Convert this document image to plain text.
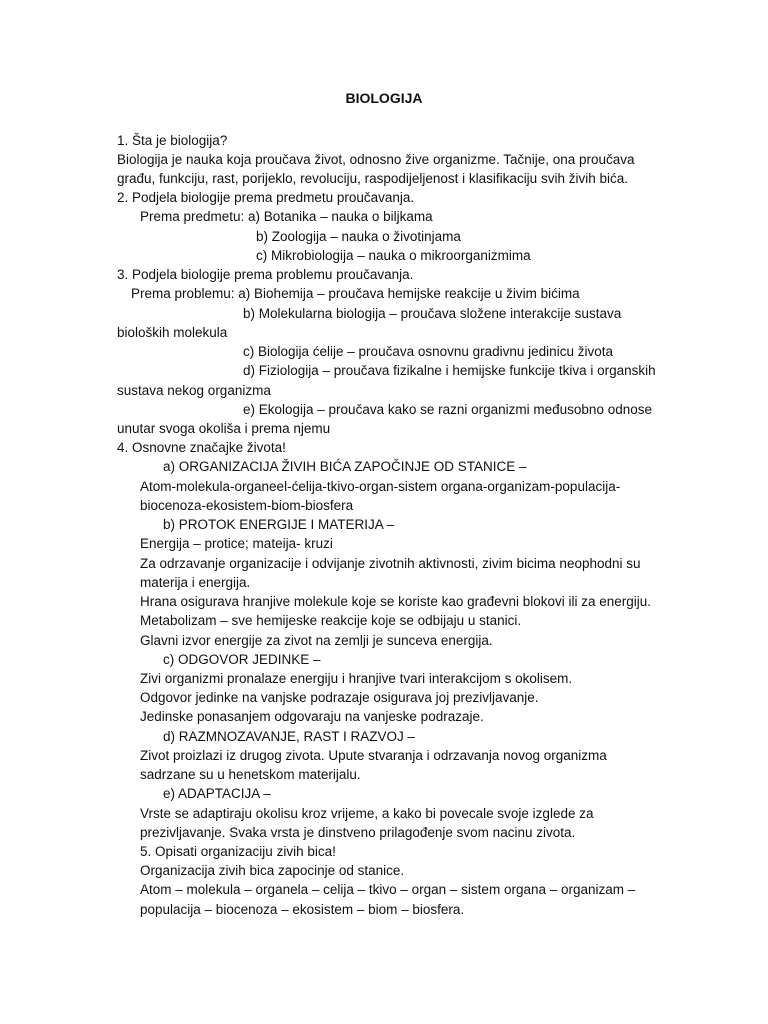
BIOLOGIJA
1. Šta je biologija?
Biologija je nauka koja proučava život, odnosno žive organizme. Tačnije, ona proučava
građu, funkciju, rast, porijeklo, revoluciju, raspodijeljenost i klasifikaciju svih živih bića.
2. Podjela biologije prema predmetu proučavanja.
Prema predmetu: a) Botanika – nauka o biljkama
b) Zoologija – nauka o životinjama
c) Mikrobiologija – nauka o mikroorganizmima
3. Podjela biologije prema problemu proučavanja.
Prema problemu: a) Biohemija – proučava hemijske reakcije u živim bićima
b) Molekularna biologija – proučava složene interakcije sustava
bioloških molekula
c) Biologija ćelije – proučava osnovnu gradivnu jedinicu života
d) Fiziologija – proučava fizikalne i hemijske funkcije tkiva i organskih
sustava nekog organizma
e) Ekologija – proučava kako se razni organizmi međusobno odnose
unutar svoga okoliša i prema njemu
4. Osnovne značajke života!
a) ORGANIZACIJA ŽIVIH BIĆA ZAPOČINJE OD STANICE –
Atom-molekula-organeel-ćelija-tkivo-organ-sistem organa-organizam-populacija-
biocenoza-ekosistem-biom-biosfera
b) PROTOK ENERGIJE I MATERIJA –
Energija – protice; mateija- kruzi
Za odrzavanje organizacije i odvijanje zivotnih aktivnosti, zivim bicima neophodni su
materija i energija.
Hrana osigurava hranjive molekule koje se koriste kao građevni blokovi ili za energiju.
Metabolizam – sve hemijeske reakcije koje se odbijaju u stanici.
Glavni izvor energije za zivot na zemlji je sunceva energija.
c) ODGOVOR JEDINKE –
Zivi organizmi pronalaze energiju i hranjive tvari interakcijom s okolisem.
Odgovor jedinke na vanjske podrazaje osigurava joj prezivljavanje.
Jedinske ponasanjem odgovaraju na vanjeske podrazaje.
d) RAZMNOZAVANJE, RAST I RAZVOJ –
Zivot proizlazi iz drugog zivota. Upute stvaranja i odrzavanja novog organizma
sadrzane su u henetskom materijalu.
e) ADAPTACIJA –
Vrste se adaptiraju okolisu kroz vrijeme, a kako bi povecale svoje izglede za
prezivljavanje. Svaka vrsta je dinstveno prilagođenje svom nacinu zivota.
5. Opisati organizaciju zivih bica!
Organizacija zivih bica zapocinje od stanice.
Atom – molekula – organela – celija – tkivo – organ – sistem organa – organizam –
populacija – biocenoza – ekosistem – biom – biosfera.
